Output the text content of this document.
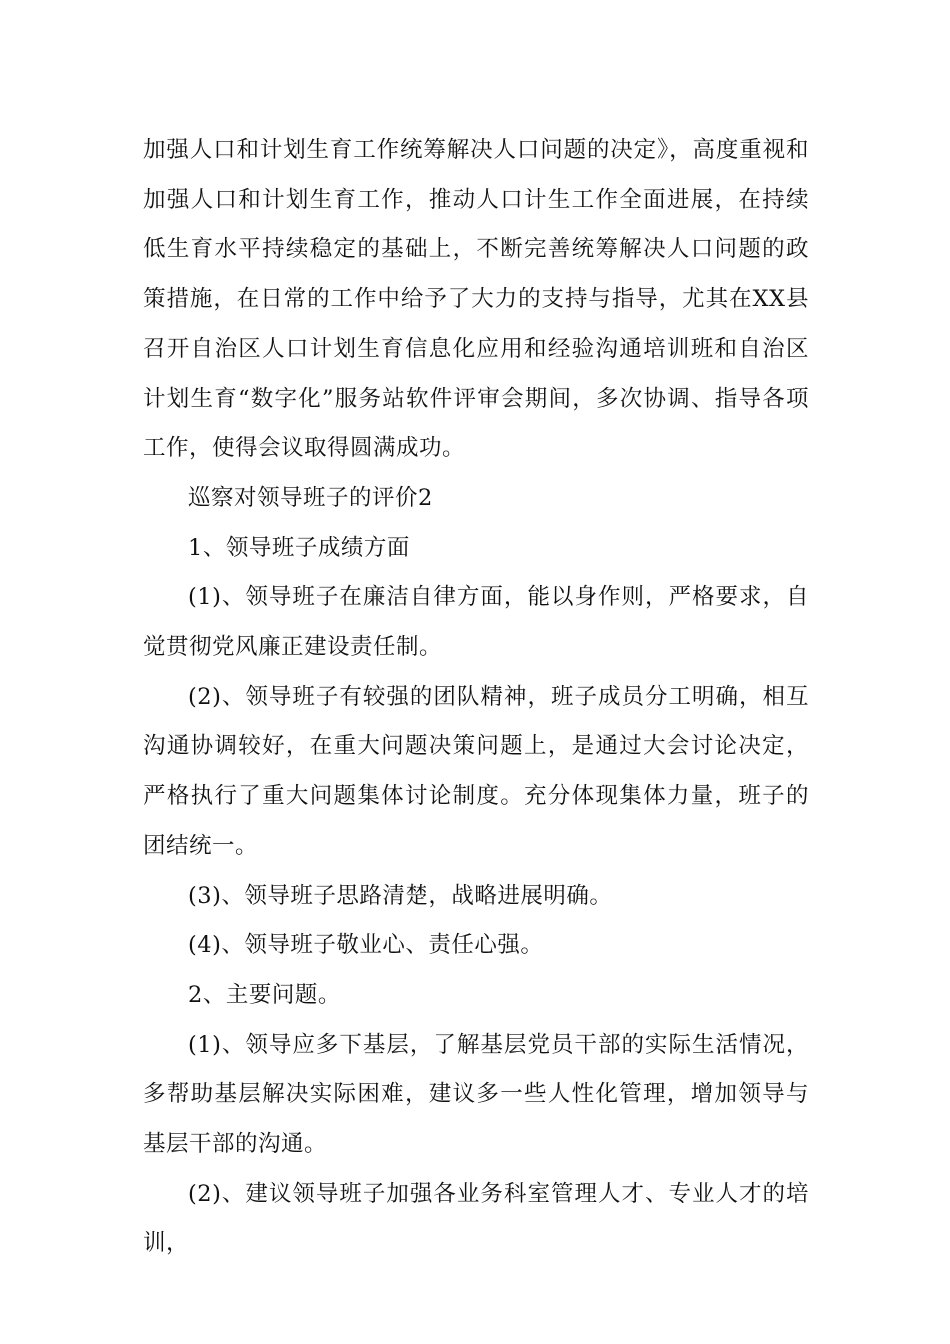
加强人口和计划生育工作统筹解决人口问题的决定》，高度重视和加强人口和计划生育工作，推动人口计生工作全面进展，在持续低生育水平持续稳定的基础上，不断完善统筹解决人口问题的政策措施，在日常的工作中给予了大力的支持与指导，尤其在XX县召开自治区人口计划生育信息化应用和经验沟通培训班和自治区计划生育“数字化”服务站软件评审会期间，多次协调、指导各项工作，使得会议取得圆满成功。

巡察对领导班子的评价2

1、领导班子成绩方面

(1)、领导班子在廉洁自律方面，能以身作则，严格要求，自觉贯彻党风廉正建设责任制。

(2)、领导班子有较强的团队精神，班子成员分工明确，相互沟通协调较好，在重大问题决策问题上，是通过大会讨论决定，严格执行了重大问题集体讨论制度。充分体现集体力量，班子的团结统一。

(3)、领导班子思路清楚，战略进展明确。

(4)、领导班子敬业心、责任心强。

2、主要问题。

(1)、领导应多下基层，了解基层党员干部的实际生活情况，多帮助基层解决实际困难，建议多一些人性化管理，增加领导与基层干部的沟通。

(2)、建议领导班子加强各业务科室管理人才、专业人才的培训，
